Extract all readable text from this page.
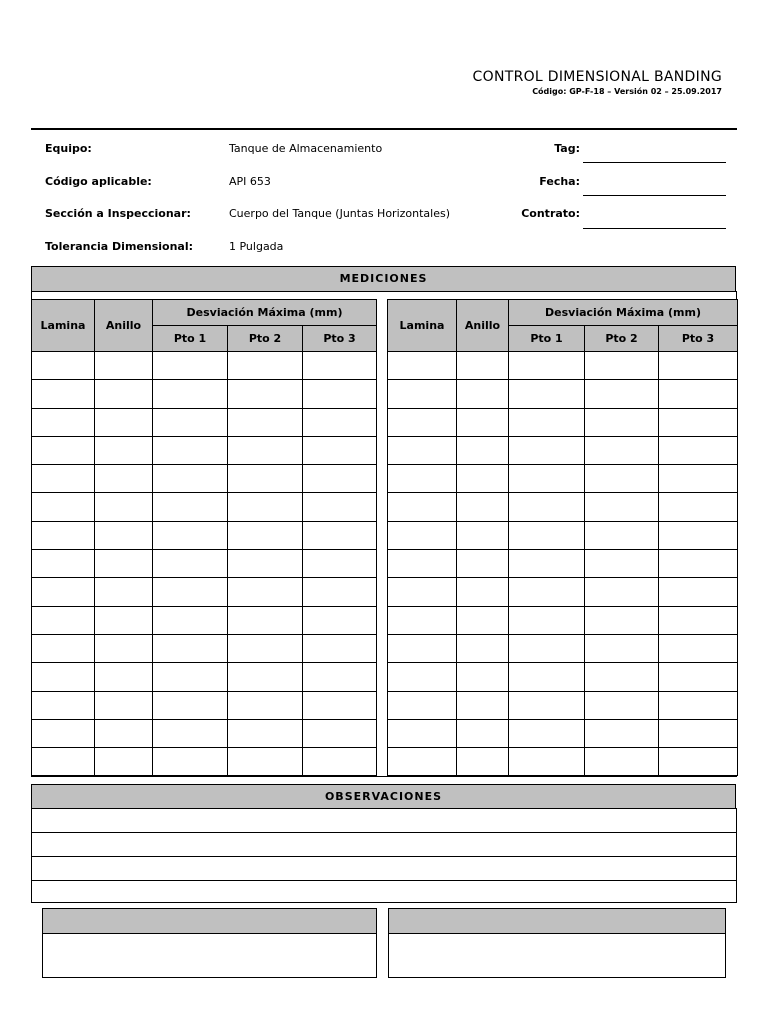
CONTROL DIMENSIONAL BANDING
Código: GP-F-18 – Versión 02 – 25.09.2017
Equipo:	Tanque de Almacenamiento
Código aplicable:	API 653
Sección a Inspeccionar:	Cuerpo del Tanque (Juntas Horizontales)
Tolerancia Dimensional:	1 Pulgada
Tag:
Fecha:
Contrato:
MEDICIONES
Lamina	Anillo	Desviación Máxima (mm)		
		Pto 1	Pto 2	Pto 3

Lamina	Anillo	Desviación Máxima (mm)		
		Pto 1	Pto 2	Pto 3

OBSERVACIONES
